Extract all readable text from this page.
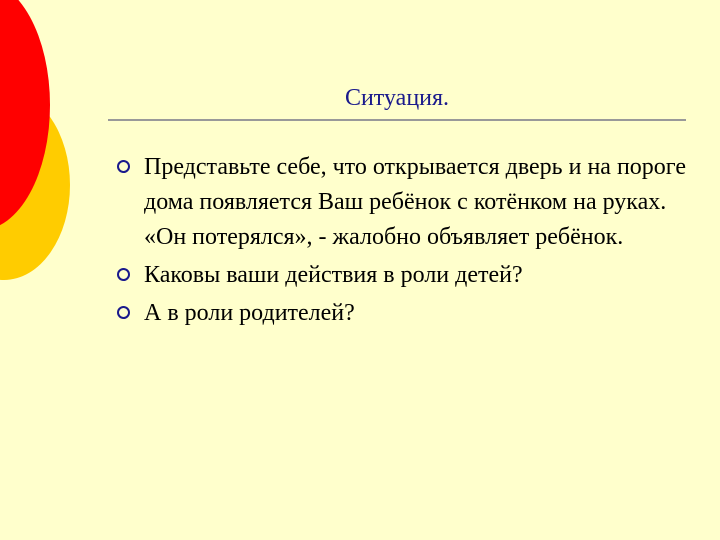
Ситуация.
Представьте себе, что открывается дверь и на пороге дома появляется Ваш ребёнок с котёнком на руках. «Он потерялся», - жалобно объявляет ребёнок.
Каковы ваши действия в роли детей?
А в роли родителей?
